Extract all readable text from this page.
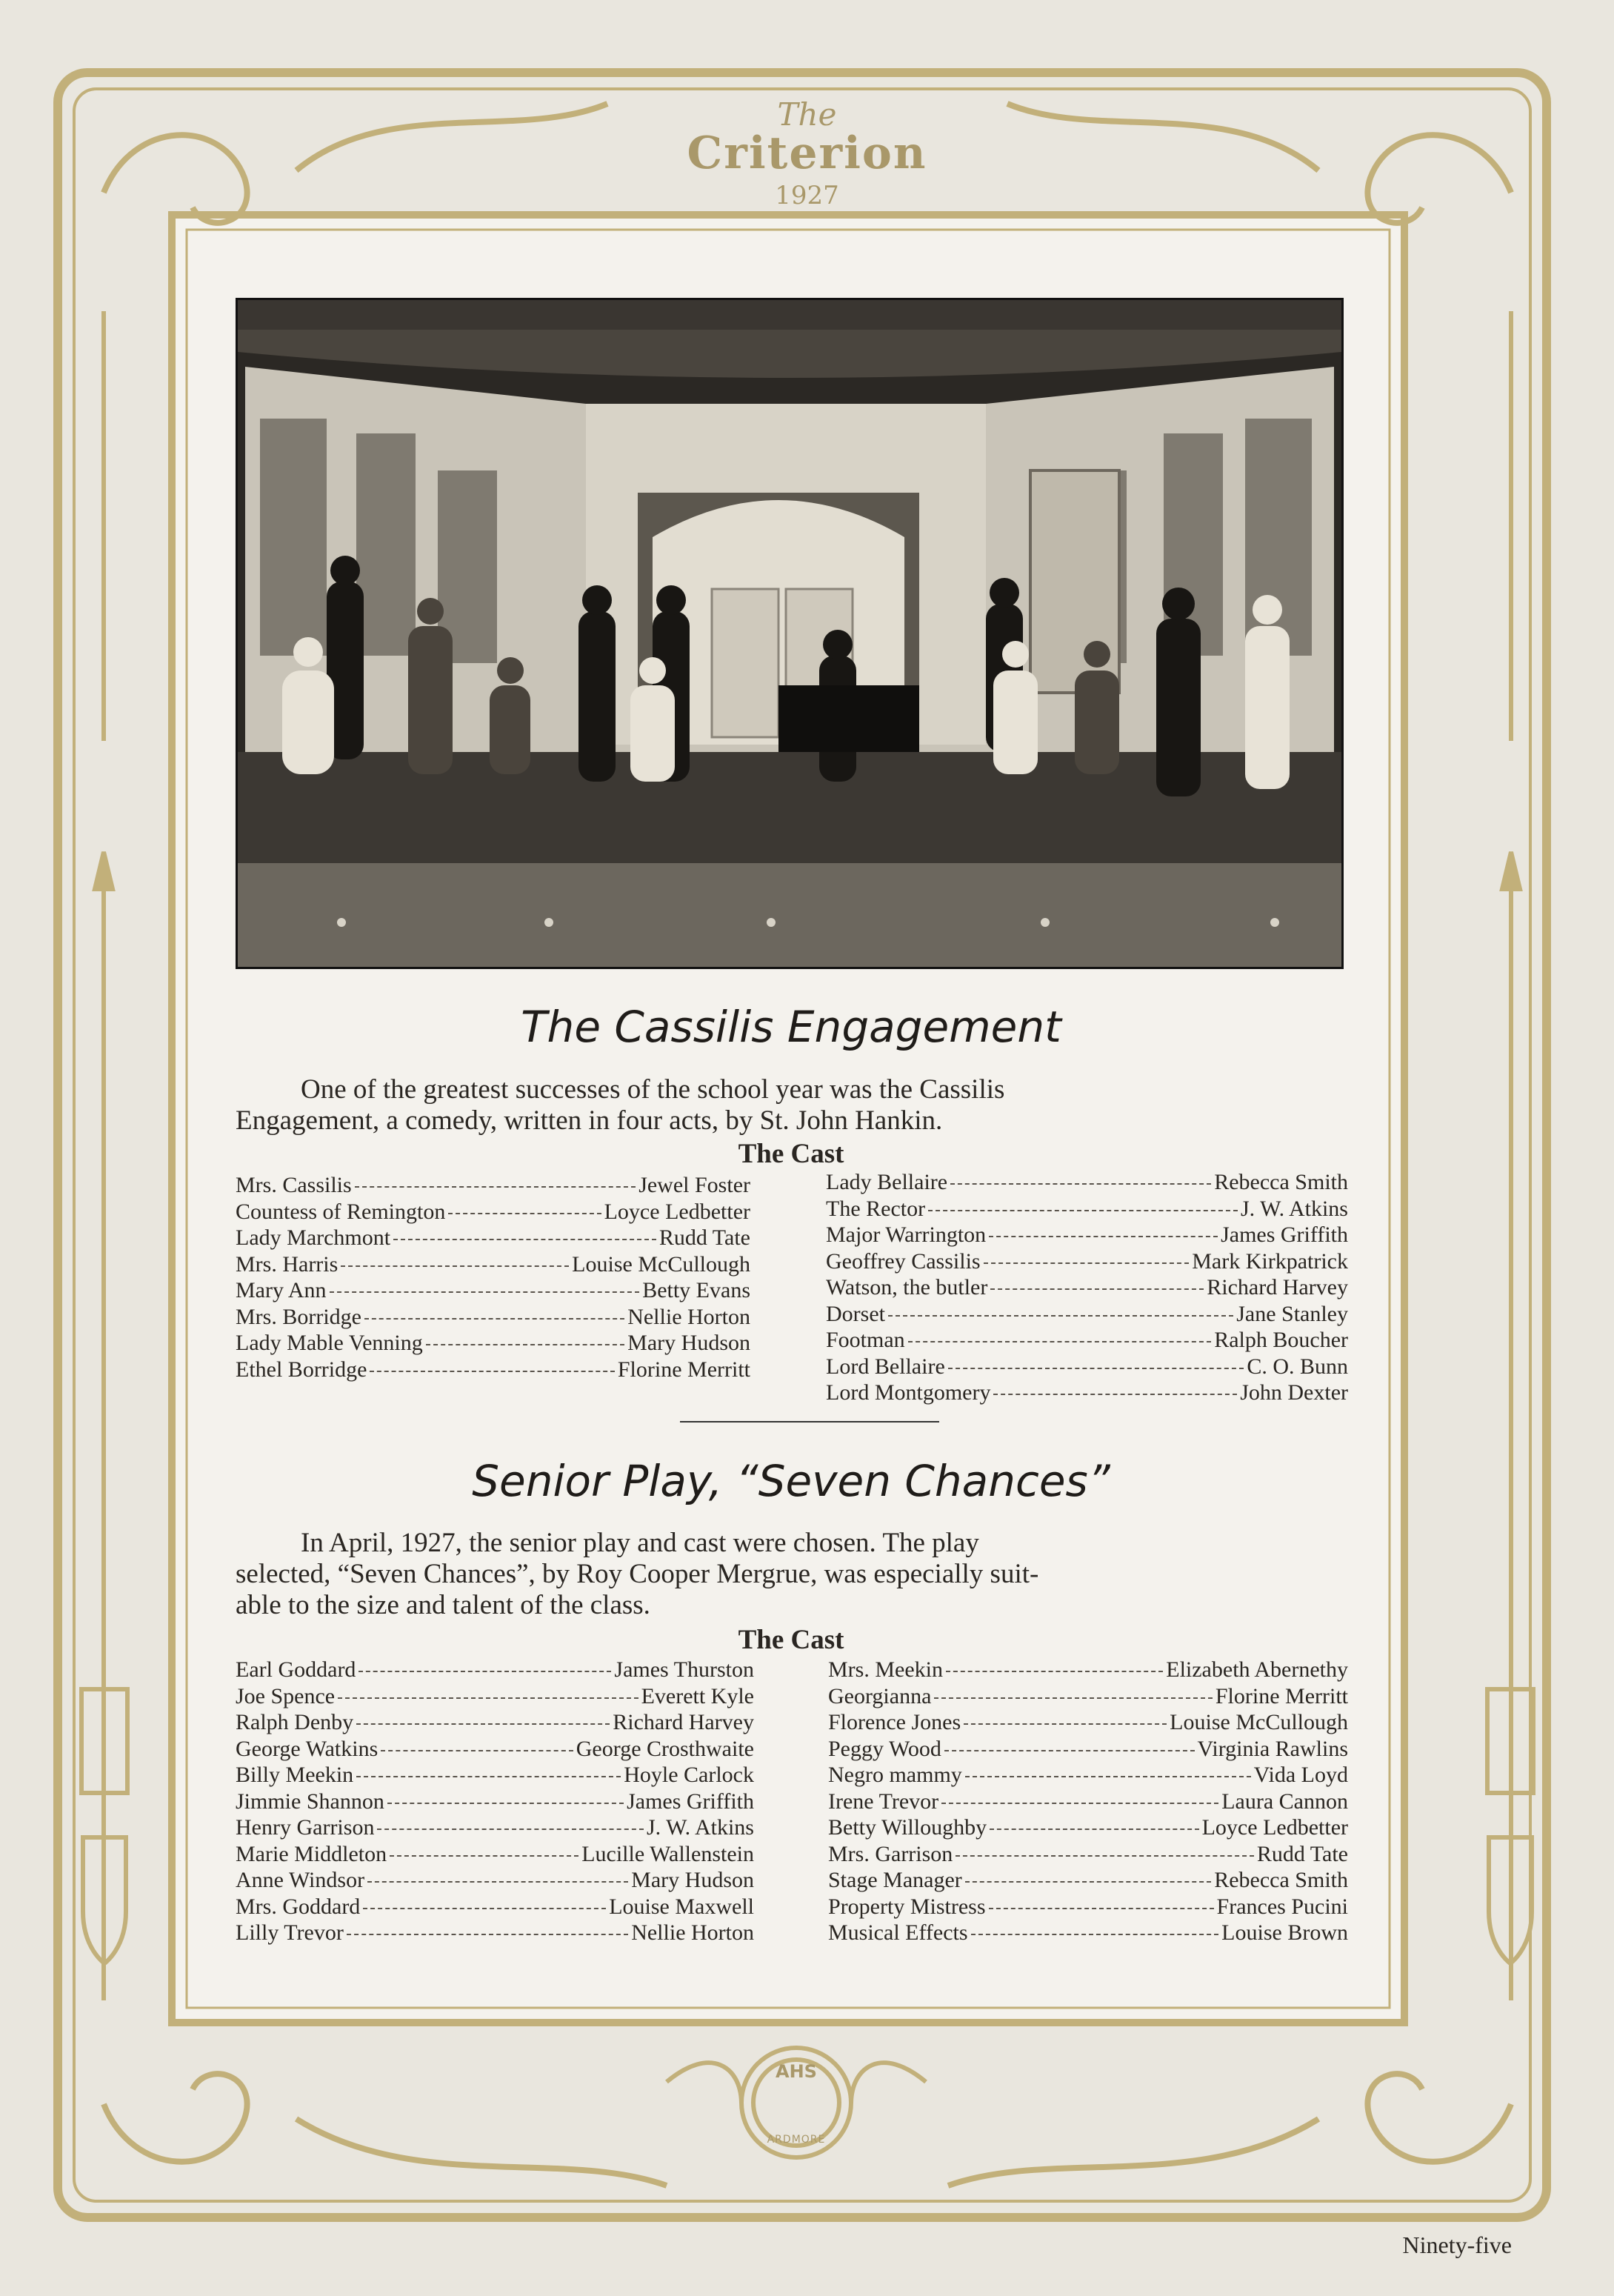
The
Criterion
1927
AHS
ARDMORE
The Cassilis Engagement
One of the greatest successes of the school year was the Cassilis
Engagement, a comedy, written in four acts, by St. John Hankin.
The Cast
Mrs. Cassilis	Jewel Foster
Countess of Remington	Loyce Ledbetter
Lady Marchmont	Rudd Tate
Mrs. Harris	Louise McCullough
Mary Ann	Betty Evans
Mrs. Borridge	Nellie Horton
Lady Mable Venning	Mary Hudson
Ethel Borridge	Florine Merritt
Lady Bellaire	Rebecca Smith
The Rector	J. W. Atkins
Major Warrington	James Griffith
Geoffrey Cassilis	Mark Kirkpatrick
Watson, the butler	Richard Harvey
Dorset	Jane Stanley
Footman	Ralph Boucher
Lord Bellaire	C. O. Bunn
Lord Montgomery	John Dexter
Senior Play, “Seven Chances”
In April, 1927, the senior play and cast were chosen. The play
selected, “Seven Chances”, by Roy Cooper Mergrue, was especially suit-
able to the size and talent of the class.
The Cast
Earl Goddard	James Thurston
Joe Spence	Everett Kyle
Ralph Denby	Richard Harvey
George Watkins	George Crosthwaite
Billy Meekin	Hoyle Carlock
Jimmie Shannon	James Griffith
Henry Garrison	J. W. Atkins
Marie Middleton	Lucille Wallenstein
Anne Windsor	Mary Hudson
Mrs. Goddard	Louise Maxwell
Lilly Trevor	Nellie Horton
Mrs. Meekin	Elizabeth Abernethy
Georgianna	Florine Merritt
Florence Jones	Louise McCullough
Peggy Wood	Virginia Rawlins
Negro mammy	Vida Loyd
Irene Trevor	Laura Cannon
Betty Willoughby	Loyce Ledbetter
Mrs. Garrison	Rudd Tate
Stage Manager	Rebecca Smith
Property Mistress	Frances Pucini
Musical Effects	Louise Brown
Ninety-five
